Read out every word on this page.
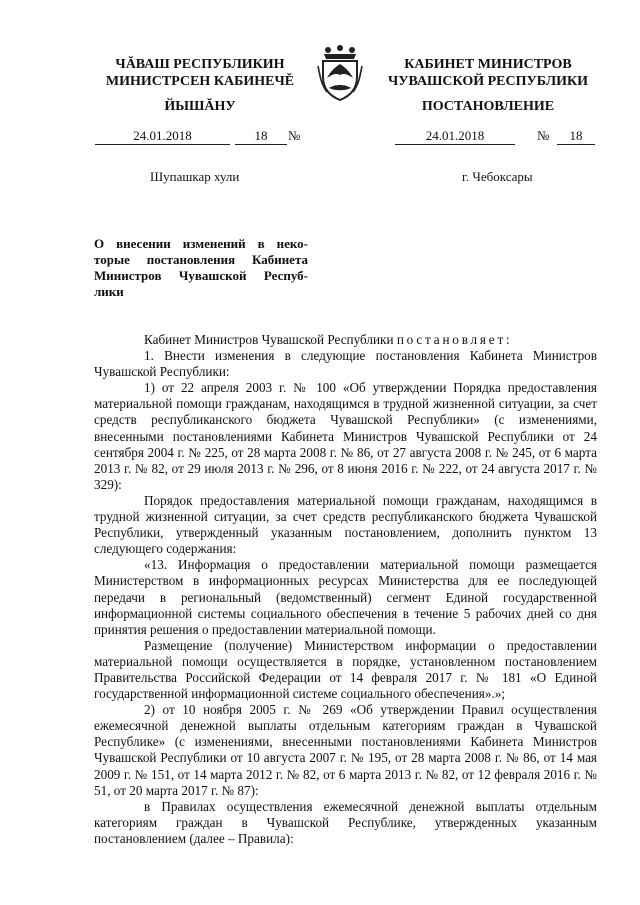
ЧĂВАШ РЕСПУБЛИКИН
МИНИСТРСЕН КАБИНЕЧĚ
ЙЫШĂНУ
КАБИНЕТ МИНИСТРОВ
ЧУВАШСКОЙ РЕСПУБЛИКИ
ПОСТАНОВЛЕНИЕ
24.01.2018	18	№	24.01.2018	№	18
Шупашкар хули	г. Чебоксары
О внесении изменений в неко-
торые постановления Кабинета
Министров Чувашской Респуб-
лики

Кабинет Министров Чувашской Республики постановляет:

1. Внести изменения в следующие постановления Кабинета Министров Чувашской Республики:

1) от 22 апреля 2003 г. № 100 «Об утверждении Порядка предоставления материальной помощи гражданам, находящимся в трудной жизненной ситуации, за счет средств республиканского бюджета Чувашской Республики» (с изменениями, внесенными постановлениями Кабинета Министров Чувашской Республики от 24 сентября 2004 г. № 225, от 28 марта 2008 г. № 86, от 27 августа 2008 г. № 245, от 6 марта 2013 г. № 82, от 29 июля 2013 г. № 296, от 8 июня 2016 г. № 222, от 24 августа 2017 г. № 329):

Порядок предоставления материальной помощи гражданам, находящимся в трудной жизненной ситуации, за счет средств республиканского бюджета Чувашской Республики, утвержденный указанным постановлением, дополнить пунктом 13 следующего содержания:

«13. Информация о предоставлении материальной помощи размещается Министерством в информационных ресурсах Министерства для ее последующей передачи в региональный (ведомственный) сегмент Единой государственной информационной системы социального обеспечения в течение 5 рабочих дней со дня принятия решения о предоставлении материальной помощи.

Размещение (получение) Министерством информации о предоставлении материальной помощи осуществляется в порядке, установленном постановлением Правительства Российской Федерации от 14 февраля 2017 г. № 181 «О Единой государственной информационной системе социального обеспечения».»;

2) от 10 ноября 2005 г. № 269 «Об утверждении Правил осуществления ежемесячной денежной выплаты отдельным категориям граждан в Чувашской Республике» (с изменениями, внесенными постановлениями Кабинета Министров Чувашской Республики от 10 августа 2007 г. № 195, от 28 марта 2008 г. № 86, от 14 мая 2009 г. № 151, от 14 марта 2012 г. № 82, от 6 марта 2013 г. № 82, от 12 февраля 2016 г. № 51, от 20 марта 2017 г. № 87):

в Правилах осуществления ежемесячной денежной выплаты отдельным категориям граждан в Чувашской Республике, утвержденных указанным постановлением (далее – Правила):
